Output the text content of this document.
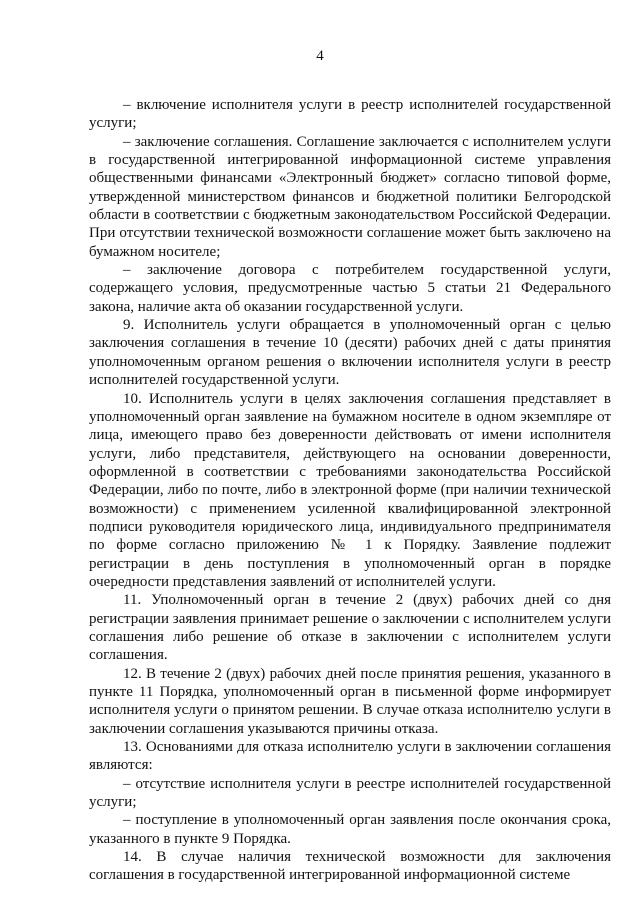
4

– включение исполнителя услуги в реестр исполнителей государственной услуги;

– заключение соглашения. Соглашение заключается с исполнителем услуги в государственной интегрированной информационной системе управления общественными финансами «Электронный бюджет» согласно типовой форме, утвержденной министерством финансов и бюджетной политики Белгородской области в соответствии с бюджетным законодательством Российской Федерации. При отсутствии технической возможности соглашение может быть заключено на бумажном носителе;

– заключение договора с потребителем государственной услуги, содержащего условия, предусмотренные частью 5 статьи 21 Федерального закона, наличие акта об оказании государственной услуги.

9. Исполнитель услуги обращается в уполномоченный орган с целью заключения соглашения в течение 10 (десяти) рабочих дней с даты принятия уполномоченным органом решения о включении исполнителя услуги в реестр исполнителей государственной услуги.

10. Исполнитель услуги в целях заключения соглашения представляет в уполномоченный орган заявление на бумажном носителе в одном экземпляре от лица, имеющего право без доверенности действовать от имени исполнителя услуги, либо представителя, действующего на основании доверенности, оформленной в соответствии с требованиями законодательства Российской Федерации, либо по почте, либо в электронной форме (при наличии технической возможности) с применением усиленной квалифицированной электронной подписи руководителя юридического лица, индивидуального предпринимателя по форме согласно приложению № 1 к Порядку. Заявление подлежит регистрации в день поступления в уполномоченный орган в порядке очередности представления заявлений от исполнителей услуги.

11. Уполномоченный орган в течение 2 (двух) рабочих дней со дня регистрации заявления принимает решение о заключении с исполнителем услуги соглашения либо решение об отказе в заключении с исполнителем услуги соглашения.

12. В течение 2 (двух) рабочих дней после принятия решения, указанного в пункте 11 Порядка, уполномоченный орган в письменной форме информирует исполнителя услуги о принятом решении. В случае отказа исполнителю услуги в заключении соглашения указываются причины отказа.

13. Основаниями для отказа исполнителю услуги в заключении соглашения являются:

– отсутствие исполнителя услуги в реестре исполнителей государственной услуги;

– поступление в уполномоченный орган заявления после окончания срока, указанного в пункте 9 Порядка.

14. В случае наличия технической возможности для заключения соглашения в государственной интегрированной информационной системе
